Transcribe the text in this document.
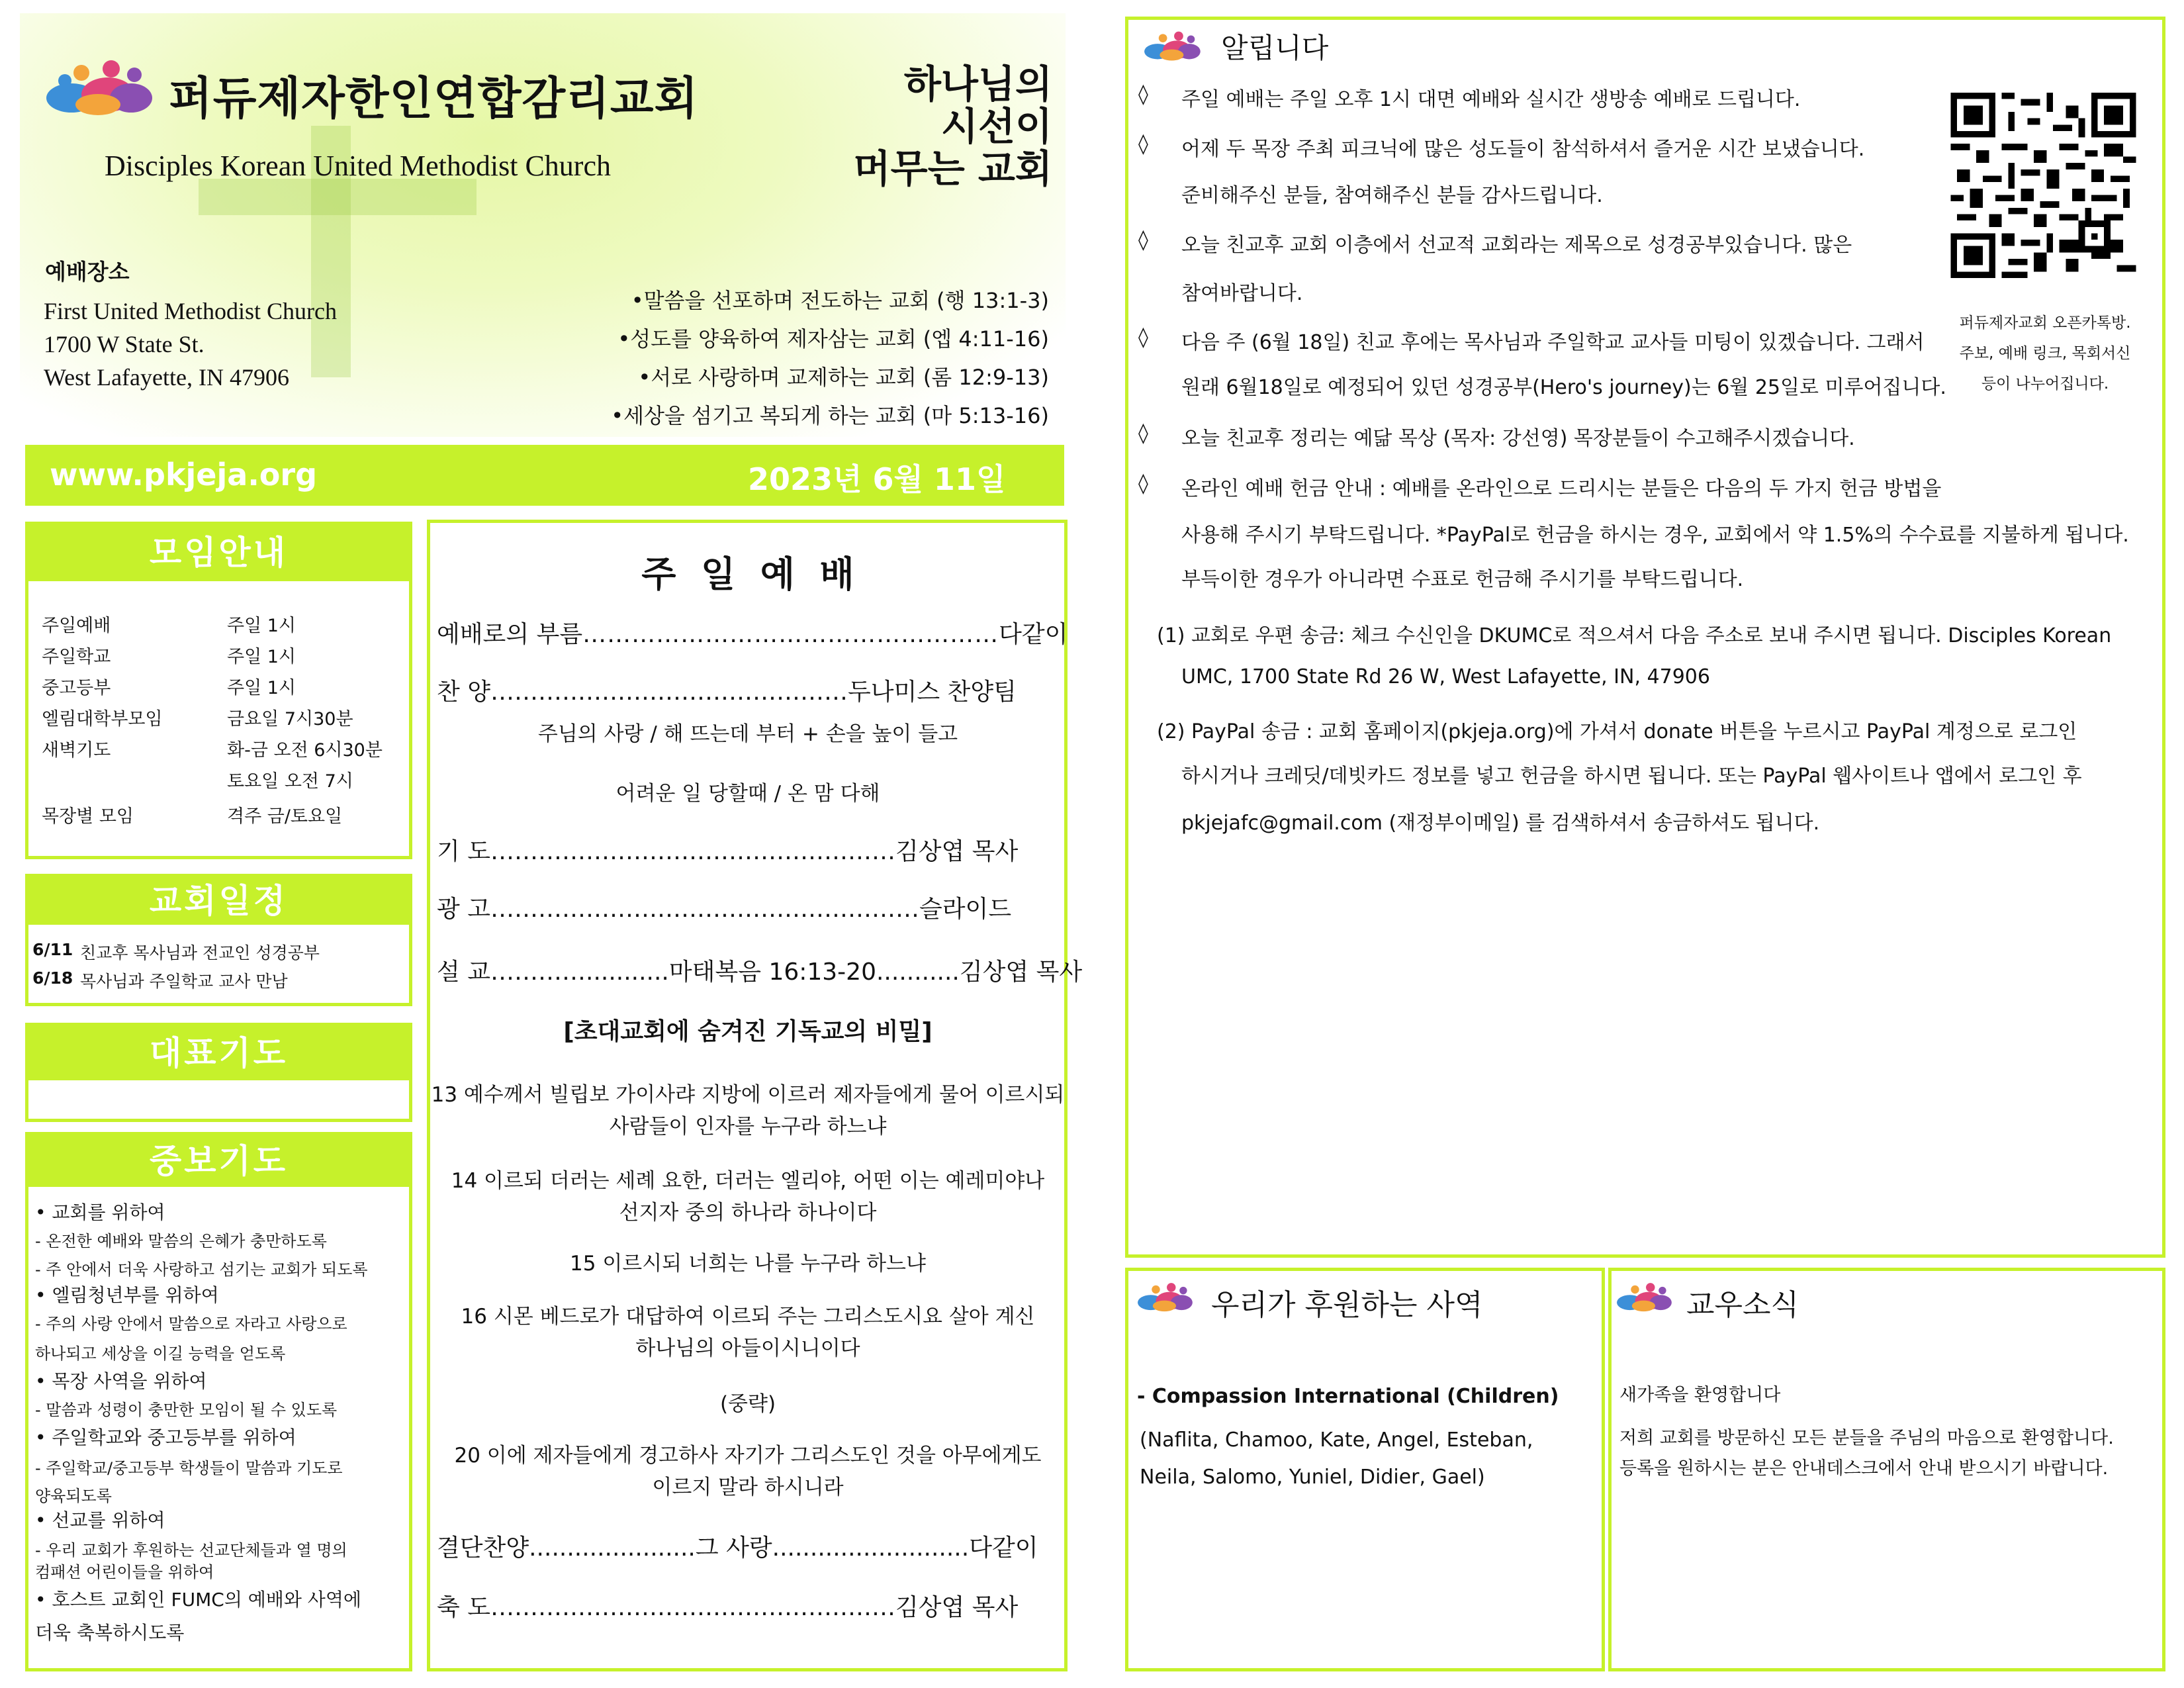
퍼듀제자한인연합감리교회
Disciples Korean United Methodist Church
하나님의
시선이
머무는 교회
예배장소
First United Methodist Church
1700 W State St.
West Lafayette, IN 47906
•말씀을 선포하며 전도하는 교회 (행 13:1-3)
•성도를 양육하여 제자삼는 교회 (엡 4:11-16)
•서로 사랑하며 교제하는 교회 (롬 12:9-13)
•세상을 섬기고 복되게 하는 교회 (마 5:13-16)
www.pkjeja.org	2023년 6월 11일
모임안내
주일예배	주일 1시
주일학교	주일 1시
중고등부	주일 1시
엘림대학부모임	금요일 7시30분
새벽기도	화-금 오전 6시30분
토요일 오전 7시
목장별 모임	격주 금/토요일
교회일정
6/11 친교후 목사님과 전교인 성경공부
6/18 목사님과 주일학교 교사 만남
대표기도
중보기도
• 교회를 위하여
- 온전한 예배와 말씀의 은혜가 충만하도록
- 주 안에서 더욱 사랑하고 섬기는 교회가 되도록
• 엘림청년부를 위하여
- 주의 사랑 안에서 말씀으로 자라고 사랑으로
하나되고 세상을 이길 능력을 얻도록
• 목장 사역을 위하여
- 말씀과 성령이 충만한 모임이 될 수 있도록
• 주일학교와 중고등부를 위하여
- 주일학교/중고등부 학생들이 말씀과 기도로
양육되도록
• 선교를 위하여
- 우리 교회가 후원하는 선교단체들과 열 명의
컴패션 어린이들을 위하여
• 호스트 교회인 FUMC의 예배와 사역에
더욱 축복하시도록
주  일  예  배
예배로의 부름……………………………………………다같이
찬 양………………………………………두나미스 찬양팀
주님의 사랑 / 해 뜨는데 부터 + 손을 높이 들고
어려운 일 당할때 / 온 맘 다해
기 도……………………………………………김상엽 목사
광 고………………………………………………슬라이드
설 교…………...........마태복음 16:13-20...........김상엽 목사
[초대교회에 숨겨진 기독교의 비밀]
13 예수께서 빌립보 가이사랴 지방에 이르러 제자들에게 물어 이르시되
사람들이 인자를 누구라 하느냐
14 이르되 더러는 세례 요한, 더러는 엘리야, 어떤 이는 예레미야나
선지자 중의 하나라 하나이다
15 이르시되 너희는 나를 누구라 하느냐
16 시몬 베드로가 대답하여 이르되 주는 그리스도시요 살아 계신
하나님의 아들이시니이다
(중략)
20 이에 제자들에게 경고하사 자기가 그리스도인 것을 아무에게도
이르지 말라 하시니라
결단찬양......................그 사랑..........................다같이
축 도……………………………………………김상엽 목사
알립니다
◊ 주일 예배는 주일 오후 1시 대면 예배와 실시간 생방송 예배로 드립니다.
◊ 어제 두 목장 주최 피크닉에 많은 성도들이 참석하셔서 즐거운 시간 보냈습니다.
준비해주신 분들, 참여해주신 분들 감사드립니다.
◊ 오늘 친교후 교회 이층에서 선교적 교회라는 제목으로 성경공부있습니다. 많은
참여바랍니다.
◊ 다음 주 (6월 18일) 친교 후에는 목사님과 주일학교 교사들 미팅이 있겠습니다. 그래서
원래 6월18일로 예정되어 있던 성경공부(Hero's journey)는 6월 25일로 미루어집니다.
◊ 오늘 친교후 정리는 예닮 목상 (목자: 강선영) 목장분들이 수고해주시겠습니다.
◊ 온라인 예배 헌금 안내 : 예배를 온라인으로 드리시는 분들은 다음의 두 가지 헌금 방법을
사용해 주시기 부탁드립니다. *PayPal로 헌금을 하시는 경우, 교회에서 약 1.5%의 수수료를 지불하게 됩니다.
부득이한 경우가 아니라면 수표로 헌금해 주시기를 부탁드립니다.
(1) 교회로 우편 송금: 체크 수신인을 DKUMC로 적으셔서 다음 주소로 보내 주시면 됩니다. Disciples Korean
UMC, 1700 State Rd 26 W, West Lafayette, IN, 47906
(2) PayPal 송금 : 교회 홈페이지(pkjeja.org)에 가셔서 donate 버튼을 누르시고 PayPal 계정으로 로그인
하시거나 크레딧/데빗카드 정보를 넣고 헌금을 하시면 됩니다. 또는 PayPal 웹사이트나 앱에서 로그인 후
pkjejafc@gmail.com (재정부이메일) 를 검색하셔서 송금하셔도 됩니다.
퍼듀제자교회 오픈카톡방.
주보, 예배 링크, 목회서신
등이 나누어집니다.
우리가 후원하는 사역
- Compassion International (Children)
(Naflita, Chamoo, Kate, Angel, Esteban,
Neila, Salomo, Yuniel, Didier, Gael)
교우소식
새가족을 환영합니다
저희 교회를 방문하신 모든 분들을 주님의 마음으로 환영합니다.
등록을 원하시는 분은 안내데스크에서 안내 받으시기 바랍니다.
